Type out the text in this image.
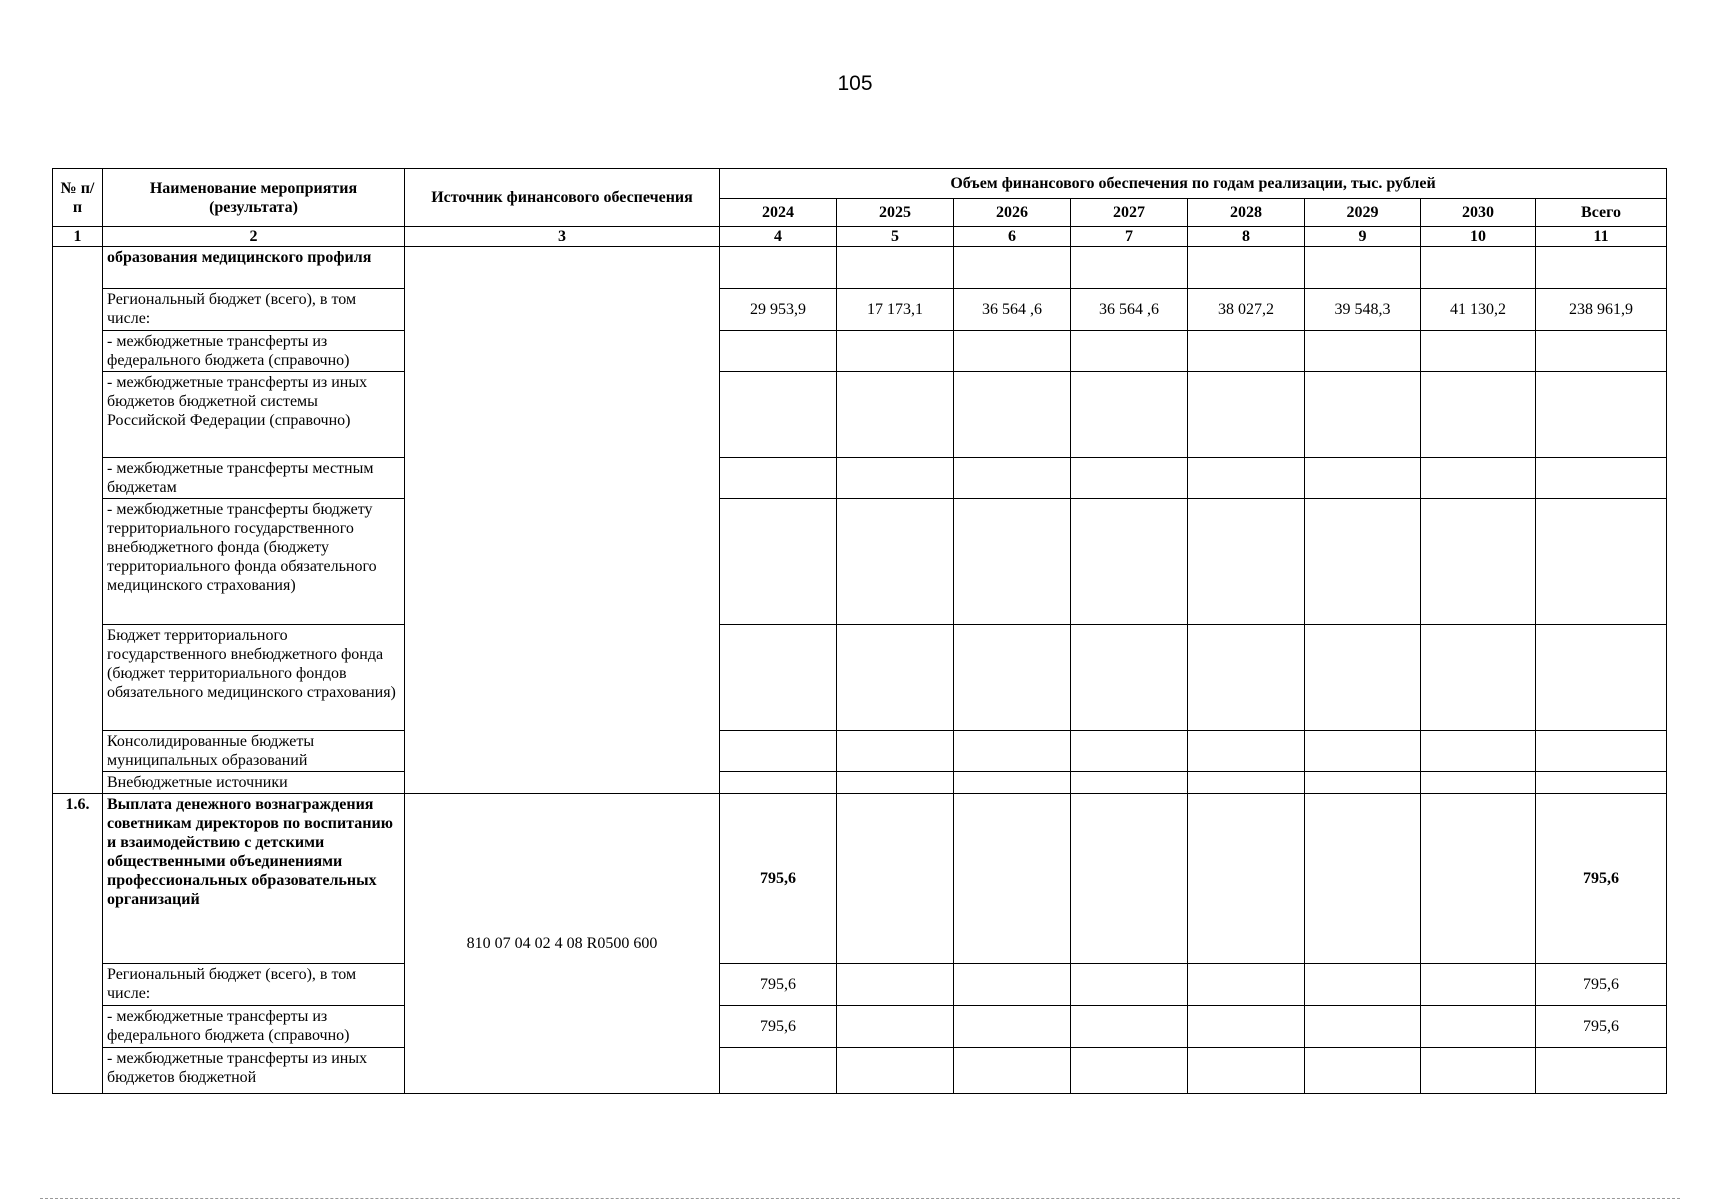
105
№ п/п	Наименование мероприятия (результата)	Источник финансового обеспечения	Объем финансового обеспечения по годам реализации, тыс. рублей							
			2024	2025	2026	2027	2028	2029	2030	Всего
1	2	3	4	5	6	7	8	9	10	11
	образования медицинского профиля									
	Региональный бюджет (всего), в том числе:		29 953,9	17 173,1	36 564 ,6	36 564 ,6	38 027,2	39 548,3	41 130,2	238 961,9
	- межбюджетные трансферты из федерального бюджета (справочно)									
	- межбюджетные трансферты из иных бюджетов бюджетной системы Российской Федерации (справочно)									
	- межбюджетные трансферты местным бюджетам									
	- межбюджетные трансферты бюджету территориального государственного внебюджетного фонда (бюджету территориального фонда обязательного медицинского страхования)									
	Бюджет территориального государственного внебюджетного фонда (бюджет территориального фондов обязательного медицинского страхования)									
	Консолидированные бюджеты муниципальных образований									
	Внебюджетные источники									
1.6.	Выплата денежного вознаграждения советникам директоров по воспитанию и взаимодействию с детскими общественными объединениями профессиональных образовательных организаций	810 07 04 02 4 08 R0500 600	795,6							795,6
	Региональный бюджет (всего), в том числе:		795,6							795,6
	- межбюджетные трансферты из федерального бюджета (справочно)		795,6							795,6
	- межбюджетные трансферты из иных бюджетов бюджетной									
